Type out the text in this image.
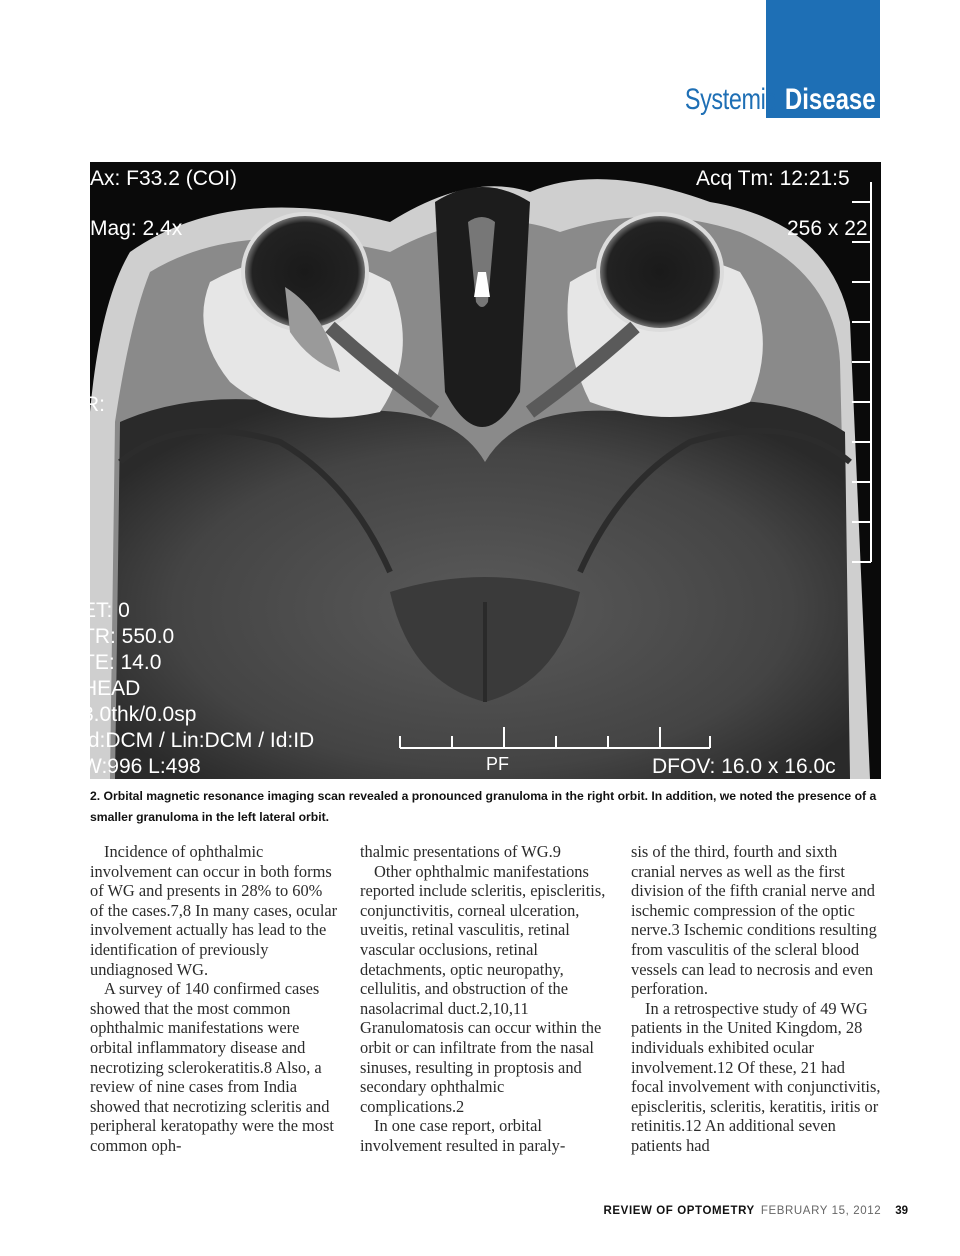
Systemic Disease
Ax: F33.2 (COI)	Acq Tm: 12:21:5
Mag: 2.4x	256 x 22
R:
ET: 0
TR: 550.0
TE: 14.0
HEAD
3.0thk/0.0sp
Id:DCM / Lin:DCM / Id:ID
W:996 L:498	PF	DFOV: 16.0 x 16.0c
2. Orbital magnetic resonance imaging scan revealed a pronounced granuloma in the right orbit. In addition, we noted the presence of a smaller granuloma in the left lateral orbit.

Incidence of ophthalmic involvement can occur in both forms of WG and presents in 28% to 60% of the cases.7,8 In many cases, ocular involvement actually has lead to the identification of previously undiagnosed WG.

A survey of 140 confirmed cases showed that the most common ophthalmic manifestations were orbital inflammatory disease and necrotizing sclerokeratitis.8 Also, a review of nine cases from India showed that necrotizing scleritis and peripheral keratopathy were the most common oph-

thalmic presentations of WG.9

Other ophthalmic manifestations reported include scleritis, episcleritis, conjunctivitis, corneal ulceration, uveitis, retinal vasculitis, retinal vascular occlusions, retinal detachments, optic neuropathy, cellulitis, and obstruction of the nasolacrimal duct.2,10,11 Granulomatosis can occur within the orbit or can infiltrate from the nasal sinuses, resulting in proptosis and secondary ophthalmic complications.2

In one case report, orbital involvement resulted in paraly-

sis of the third, fourth and sixth cranial nerves as well as the first division of the fifth cranial nerve and ischemic compression of the optic nerve.3 Ischemic conditions resulting from vasculitis of the scleral blood vessels can lead to necrosis and even perforation.

In a retrospective study of 49 WG patients in the United Kingdom, 28 individuals exhibited ocular involvement.12 Of these, 21 had focal involvement with conjunctivitis, episcleritis, scleritis, keratitis, iritis or retinitis.12 An additional seven patients had

REVIEW OF OPTOMETRY FEBRUARY 15, 2012 39
